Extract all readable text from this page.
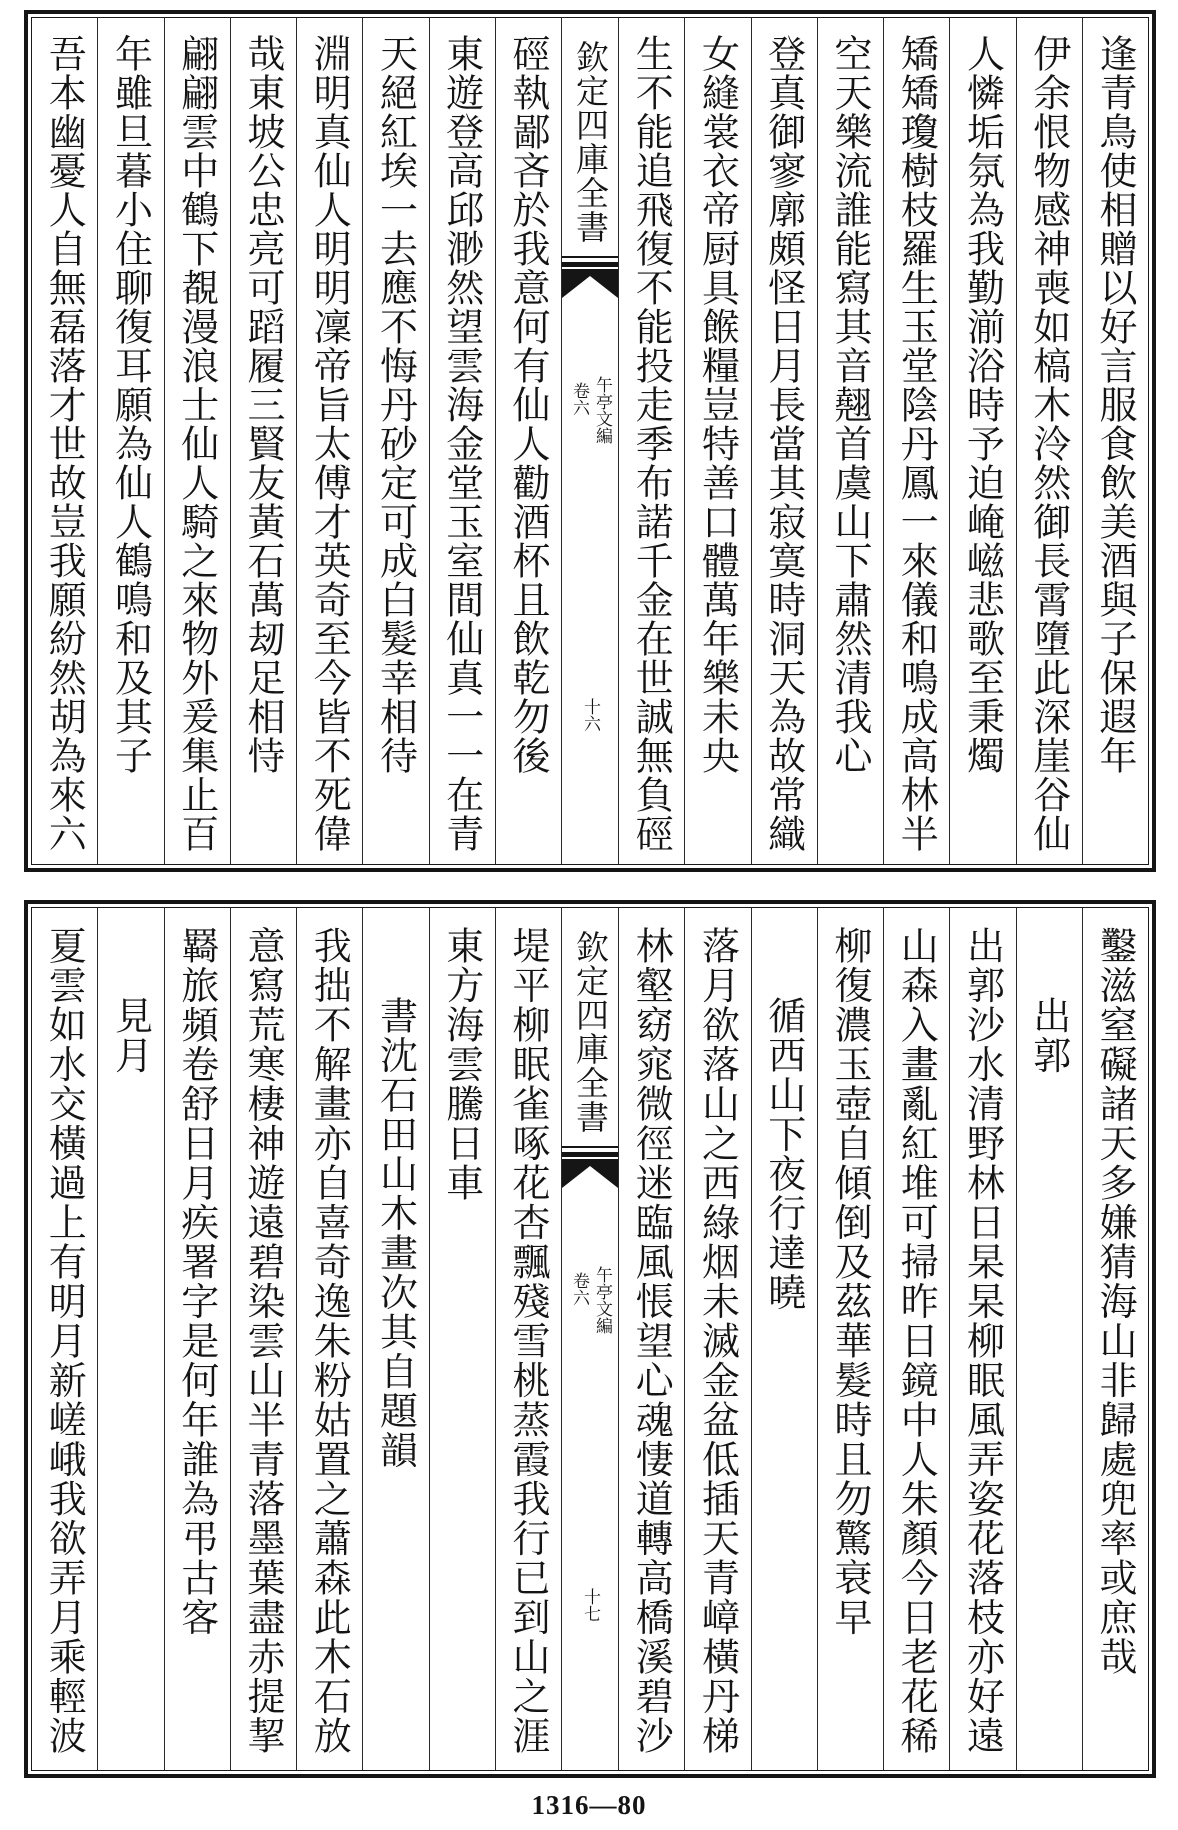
逢青鳥使相贈以好言服食飲美酒與子保遐年
伊余恨物感神喪如槁木泠然御長霄墮此深崖谷仙
人憐垢氛為我勤湔浴時予迫崦嵫悲歌至秉燭
矯矯瓊樹枝羅生玉堂陰丹鳳一來儀和鳴成高林半
空天樂流誰能寫其音翹首虞山下肅然清我心
登真御寥廓頗怪日月長當其寂寞時洞天為故常織
女縫裳衣帝厨具餱糧豈特善口體萬年樂未央
生不能追飛復不能投走季布諾千金在世誠無負硜
欽定四庫全書
午亭文編
卷六
十六
硜執鄙吝於我意何有仙人勸酒杯且飲乾勿後
東遊登高邱渺然望雲海金堂玉室間仙真一一在青
天絕紅埃一去應不悔丹砂定可成白髮幸相待
淵明真仙人明明凜帝旨太傅才英奇至今皆不死偉
哉東坡公忠亮可蹈履三賢友黃石萬刼足相恃
翩翩雲中鶴下覩漫浪士仙人騎之來物外爰集止百
年雖旦暮小住聊復耳願為仙人鶴鳴和及其子
吾本幽憂人自無磊落才世故豈我願紛然胡為來六
鑿滋窒礙諸天多嫌猜海山非歸處兜率或庶哉
出郭
出郭沙水清野林日杲杲柳眠風弄姿花落枝亦好遠
山森入畫亂紅堆可掃昨日鏡中人朱顏今日老花稀
柳復濃玉壺自傾倒及茲華髮時且勿驚衰早
循西山下夜行達曉
落月欲落山之西綠烟未滅金盆低插天青嶂橫丹梯
林壑窈窕微徑迷臨風悵望心魂悽道轉高橋溪碧沙
欽定四庫全書
午亭文編
卷六
十七
堤平柳眠雀啄花杏飄殘雪桃蒸霞我行已到山之涯
東方海雲騰日車
書沈石田山木畫次其自題韻
我拙不解畫亦自喜奇逸朱粉姑置之蕭森此木石放
意寫荒寒棲神遊遠碧染雲山半青落墨葉盡赤提挈
羇旅頻卷舒日月疾署字是何年誰為弔古客
見月
夏雲如水交橫過上有明月新嵯峨我欲弄月乘輕波
1316—80
